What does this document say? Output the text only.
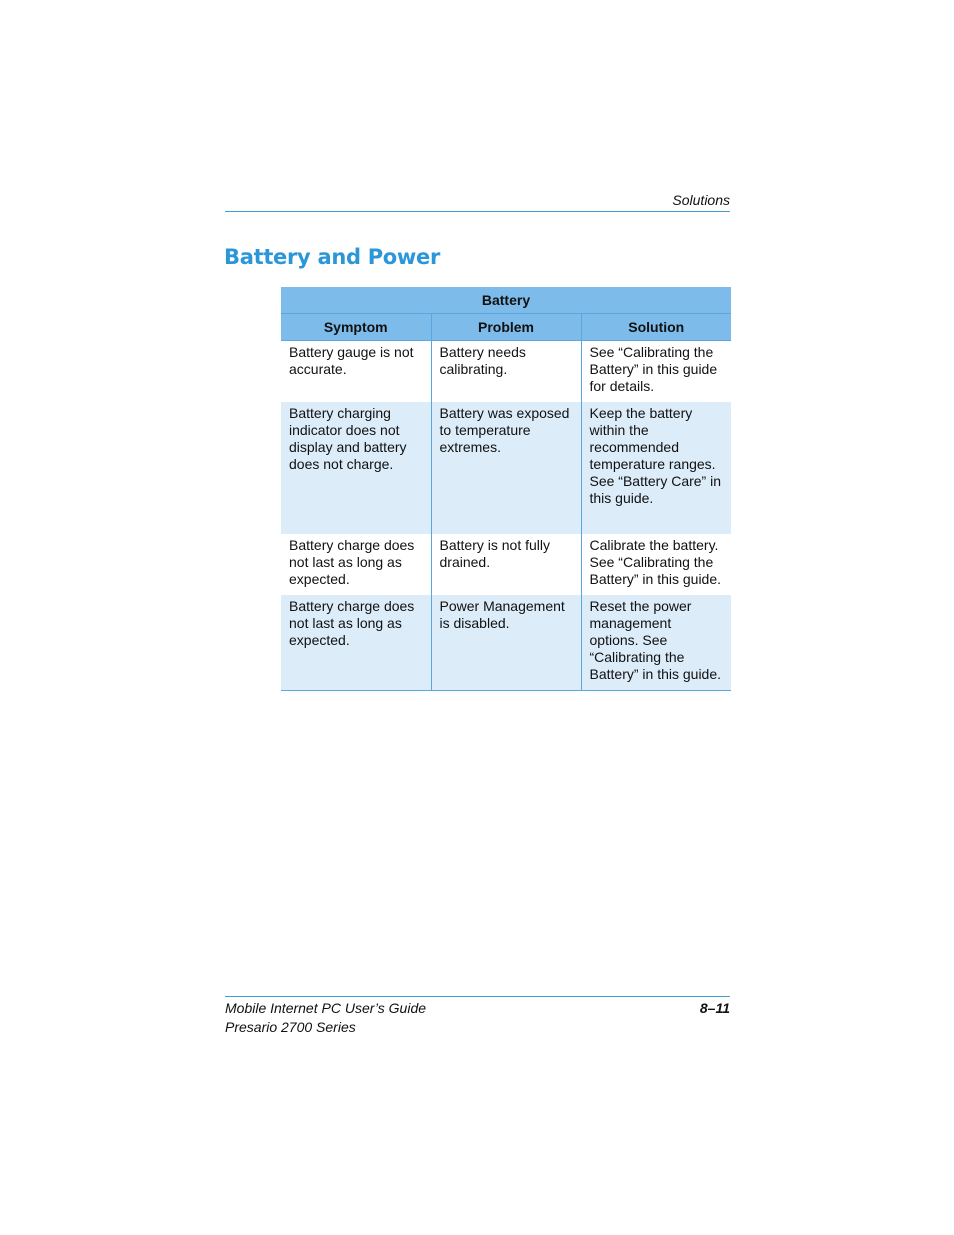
Solutions
Battery and Power
Battery		
Symptom	Problem	Solution
Battery gauge is not accurate.	Battery needs calibrating.	See “Calibrating the Battery” in this guide for details.
Battery charging indicator does not display and battery does not charge.	Battery was exposed to temperature extremes.	Keep the battery within the recommended temperature ranges. See “Battery Care” in this guide.
Battery charge does not last as long as expected.	Battery is not fully drained.	Calibrate the battery. See “Calibrating the Battery” in this guide.
Battery charge does not last as long as expected.	Power Management is disabled.	Reset the power management options. See “Calibrating the Battery” in this guide.
Mobile Internet PC User’s Guide
Presario 2700 Series
8–11
